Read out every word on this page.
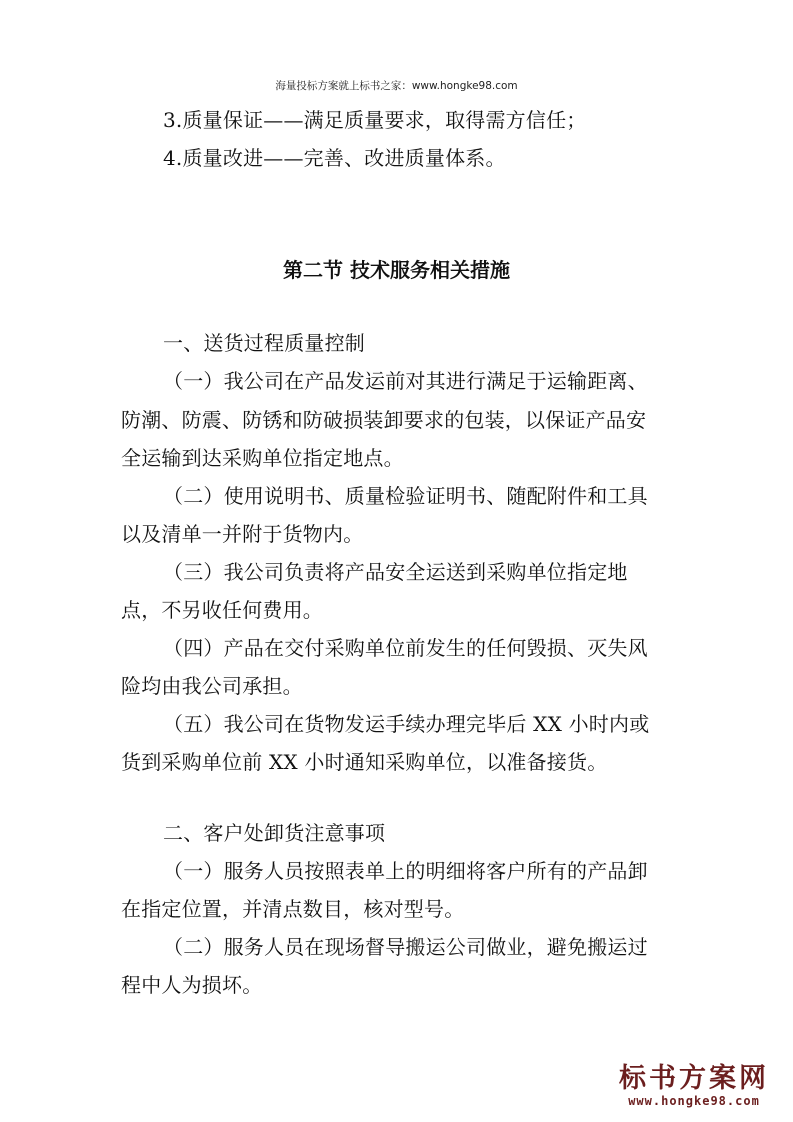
海量投标方案就上标书之家：www.hongke98.com
3.质量保证——满足质量要求，取得需方信任；
4.质量改进——完善、改进质量体系。
第二节 技术服务相关措施
一、送货过程质量控制
（一）我公司在产品发运前对其进行满足于运输距离、
防潮、防震、防锈和防破损装卸要求的包装，以保证产品安
全运输到达采购单位指定地点。
（二）使用说明书、质量检验证明书、随配附件和工具
以及清单一并附于货物内。
（三）我公司负责将产品安全运送到采购单位指定地
点，不另收任何费用。
（四）产品在交付采购单位前发生的任何毁损、灭失风
险均由我公司承担。
（五）我公司在货物发运手续办理完毕后 XX 小时内或
货到采购单位前 XX 小时通知采购单位，以准备接货。
二、客户处卸货注意事项
（一）服务人员按照表单上的明细将客户所有的产品卸
在指定位置，并清点数目，核对型号。
（二）服务人员在现场督导搬运公司做业，避免搬运过
程中人为损坏。
标书方案网
www.hongke98.com
